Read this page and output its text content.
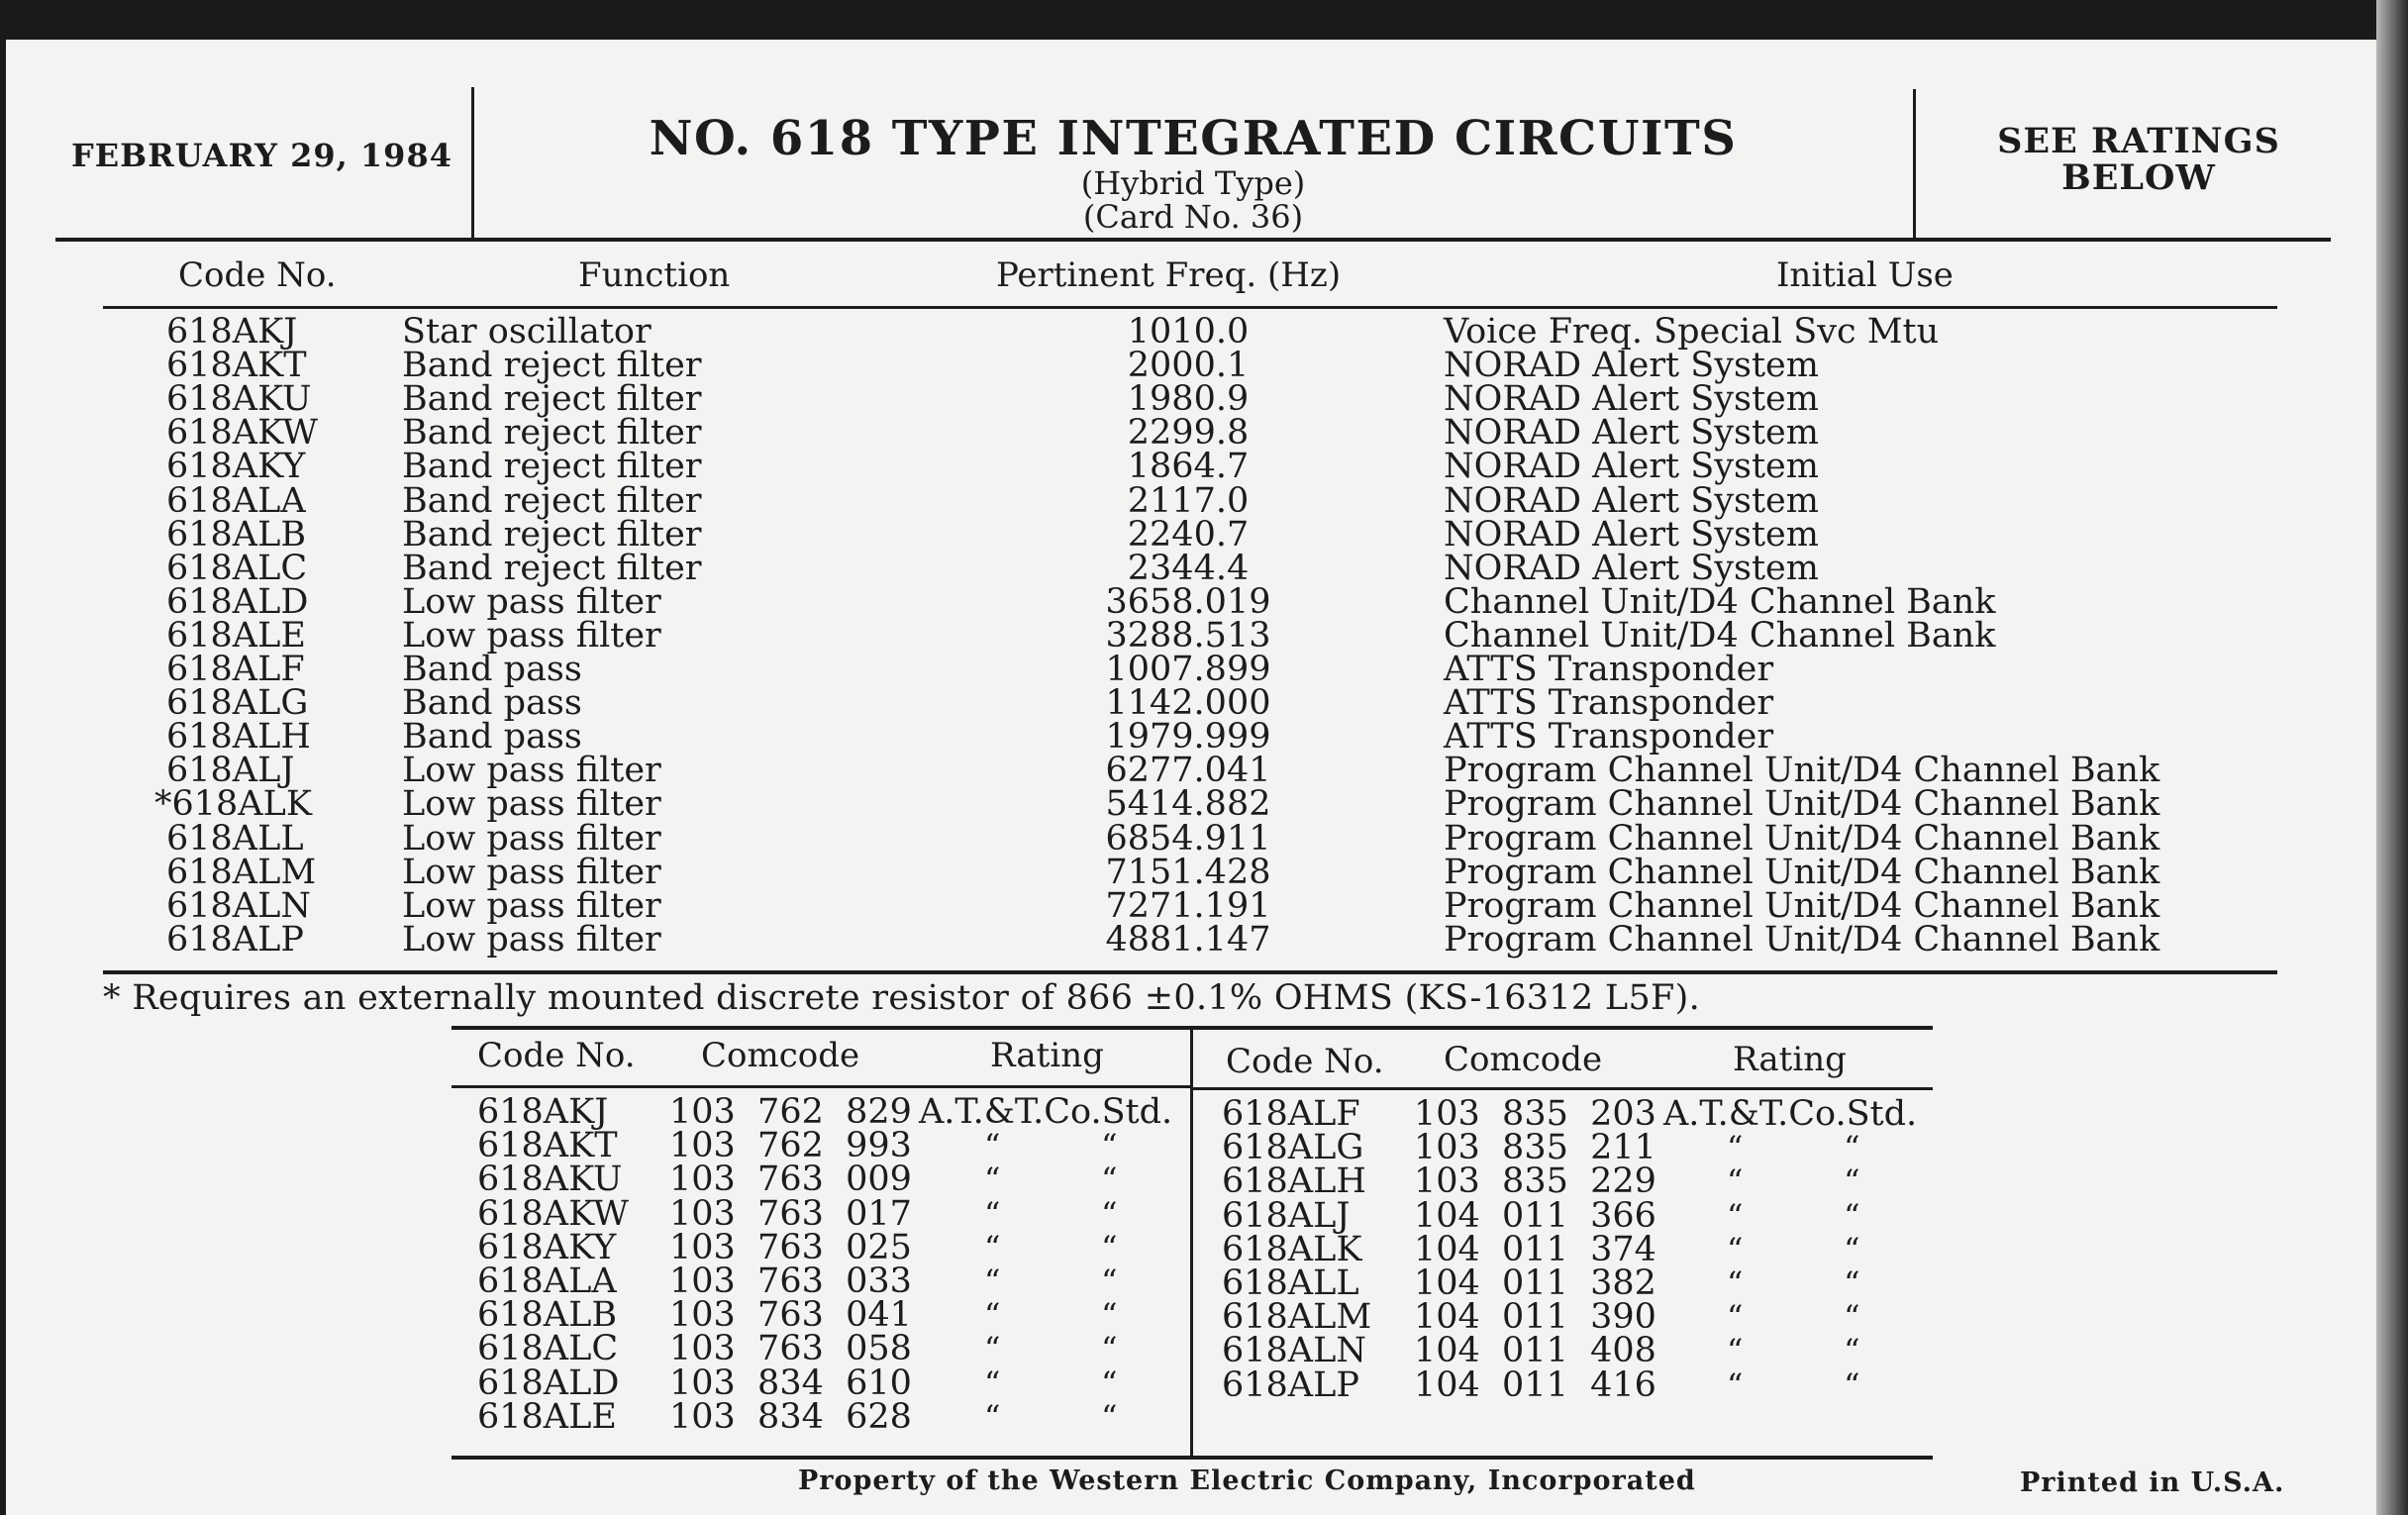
FEBRUARY 29, 1984	NO. 618 TYPE INTEGRATED CIRCUITS
(Hybrid Type)
(Card No. 36)
SEE RATINGS
BELOW
Code No.	Function	Pertinent Freq. (Hz)	Initial Use
618AKJ	Star oscillator	1010.0	Voice Freq. Special Svc Mtu
618AKT	Band reject filter	2000.1	NORAD Alert System
618AKU	Band reject filter	1980.9	NORAD Alert System
618AKW	Band reject filter	2299.8	NORAD Alert System
618AKY	Band reject filter	1864.7	NORAD Alert System
618ALA	Band reject filter	2117.0	NORAD Alert System
618ALB	Band reject filter	2240.7	NORAD Alert System
618ALC	Band reject filter	2344.4	NORAD Alert System
618ALD	Low pass filter	3658.019	Channel Unit/D4 Channel Bank
618ALE	Low pass filter	3288.513	Channel Unit/D4 Channel Bank
618ALF	Band pass	1007.899	ATTS Transponder
618ALG	Band pass	1142.000	ATTS Transponder
618ALH	Band pass	1979.999	ATTS Transponder
618ALJ	Low pass filter	6277.041	Program Channel Unit/D4 Channel Bank
*618ALK	Low pass filter	5414.882	Program Channel Unit/D4 Channel Bank
618ALL	Low pass filter	6854.911	Program Channel Unit/D4 Channel Bank
618ALM	Low pass filter	7151.428	Program Channel Unit/D4 Channel Bank
618ALN	Low pass filter	7271.191	Program Channel Unit/D4 Channel Bank
618ALP	Low pass filter	4881.147	Program Channel Unit/D4 Channel Bank
* Requires an externally mounted discrete resistor of 866 ±0.1% OHMS (KS-16312 L5F).
Code No. Comcode	Rating	Code No. Comcode	Rating
618AKJ 103  762  829 A.T.&T.Co.Std.
618AKT 103  762  993 “          “
618AKU 103  763  009 “          “
618AKW 103  763  017 “          “
618AKY 103  763  025 “          “
618ALA 103  763  033 “          “
618ALB 103  763  041 “          “
618ALC 103  763  058 “          “
618ALD 103  834  610 “          “
618ALE 103  834  628 “          “
618ALF 103  835  203 A.T.&T.Co.Std.
618ALG 103  835  211 “          “
618ALH 103  835  229 “          “
618ALJ 104  011  366 “          “
618ALK 104  011  374 “          “
618ALL 104  011  382 “          “
618ALM 104  011  390 “          “
618ALN 104  011  408 “          “
618ALP 104  011  416 “          “
Property of the Western Electric Company, Incorporated	Printed in U.S.A.
